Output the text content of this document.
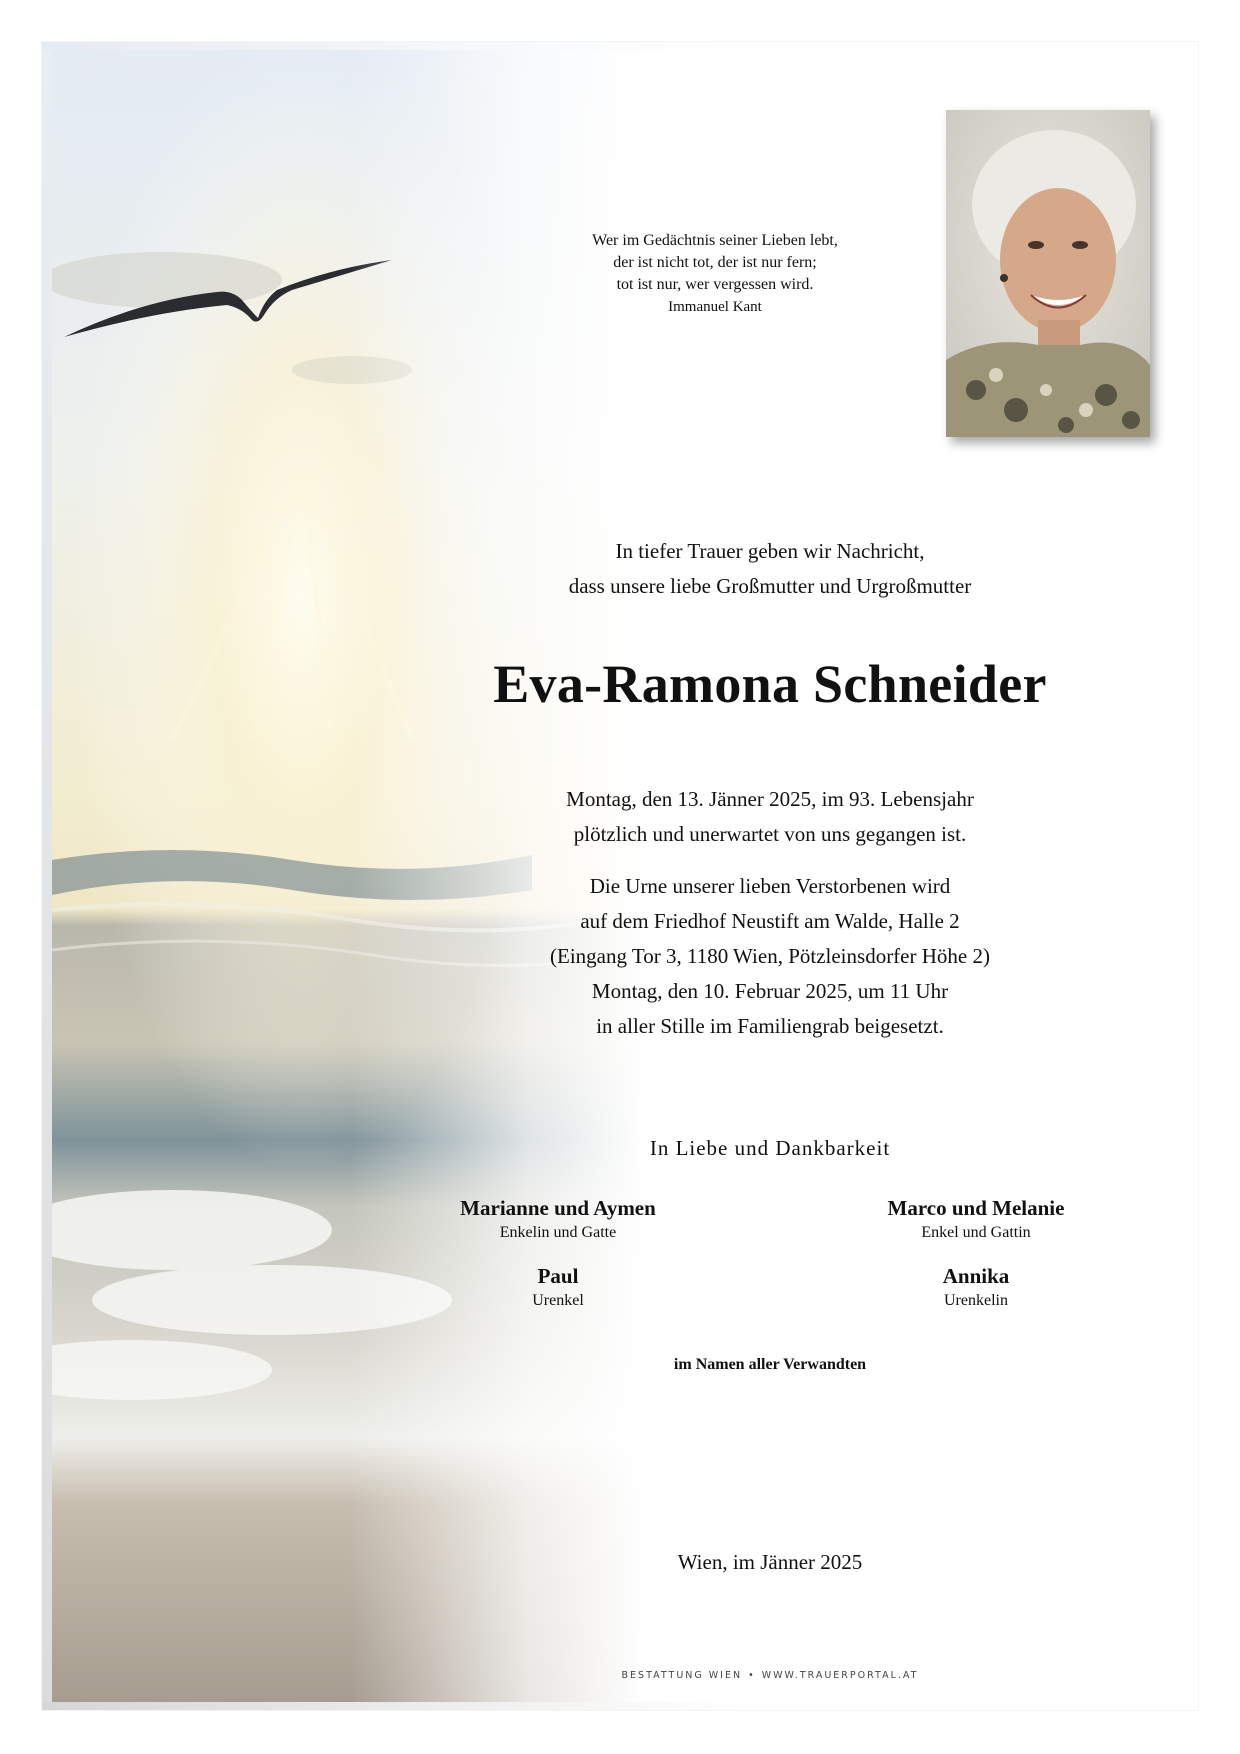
Wer im Gedächtnis seiner Lieben lebt,
der ist nicht tot, der ist nur fern;
tot ist nur, wer vergessen wird.
Immanuel Kant
In tiefer Trauer geben wir Nachricht,
dass unsere liebe Großmutter und Urgroßmutter
Eva-Ramona Schneider
Montag, den 13. Jänner 2025, im 93. Lebensjahr
plötzlich und unerwartet von uns gegangen ist.
Die Urne unserer lieben Verstorbenen wird
auf dem Friedhof Neustift am Walde, Halle 2
(Eingang Tor 3, 1180 Wien, Pötzleinsdorfer Höhe 2)
Montag, den 10. Februar 2025, um 11 Uhr
in aller Stille im Familiengrab beigesetzt.
In Liebe und Dankbarkeit
Marianne und Aymen
Enkelin und Gatte
Marco und Melanie
Enkel und Gattin
Paul
Urenkel
Annika
Urenkelin
im Namen aller Verwandten
Wien, im Jänner 2025
BESTATTUNG WIEN • WWW.TRAUERPORTAL.AT
